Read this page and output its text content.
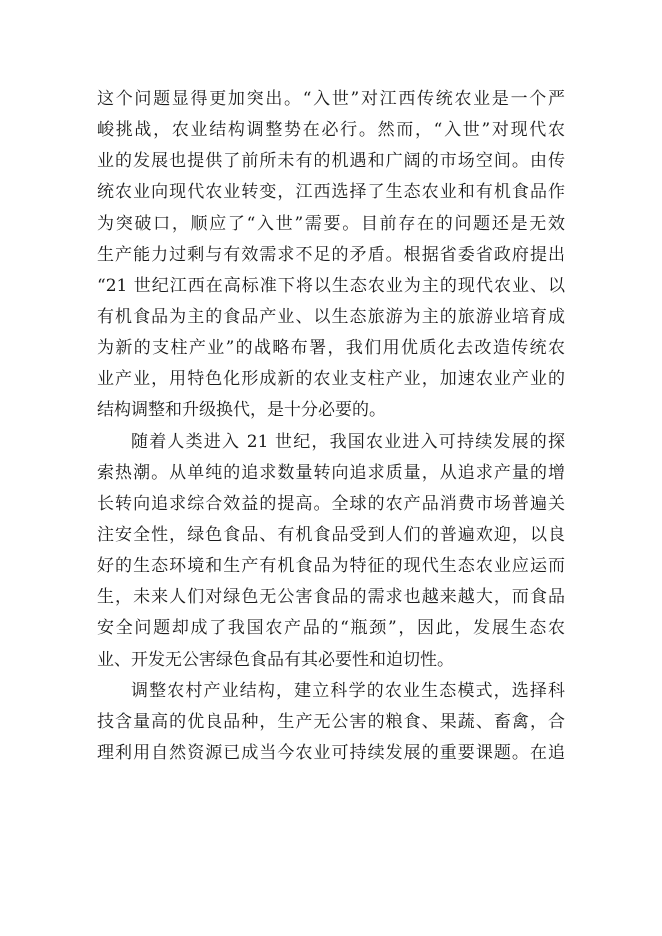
这个问题显得更加突出。“入世”对江西传统农业是一个严
峻挑战，农业结构调整势在必行。然而，“入世”对现代农
业的发展也提供了前所未有的机遇和广阔的市场空间。由传
统农业向现代农业转变，江西选择了生态农业和有机食品作
为突破口，顺应了“入世”需要。目前存在的问题还是无效
生产能力过剩与有效需求不足的矛盾。根据省委省政府提出
“21 世纪江西在高标准下将以生态农业为主的现代农业、以
有机食品为主的食品产业、以生态旅游为主的旅游业培育成
为新的支柱产业”的战略布署，我们用优质化去改造传统农
业产业，用特色化形成新的农业支柱产业，加速农业产业的
结构调整和升级换代，是十分必要的。
随着人类进入 21 世纪，我国农业进入可持续发展的探
索热潮。从单纯的追求数量转向追求质量，从追求产量的增
长转向追求综合效益的提高。全球的农产品消费市场普遍关
注安全性，绿色食品、有机食品受到人们的普遍欢迎，以良
好的生态环境和生产有机食品为特征的现代生态农业应运而
生，未来人们对绿色无公害食品的需求也越来越大，而食品
安全问题却成了我国农产品的“瓶颈”，因此，发展生态农
业、开发无公害绿色食品有其必要性和迫切性。
调整农村产业结构，建立科学的农业生态模式，选择科
技含量高的优良品种，生产无公害的粮食、果蔬、畜禽，合
理利用自然资源已成当今农业可持续发展的重要课题。在追
